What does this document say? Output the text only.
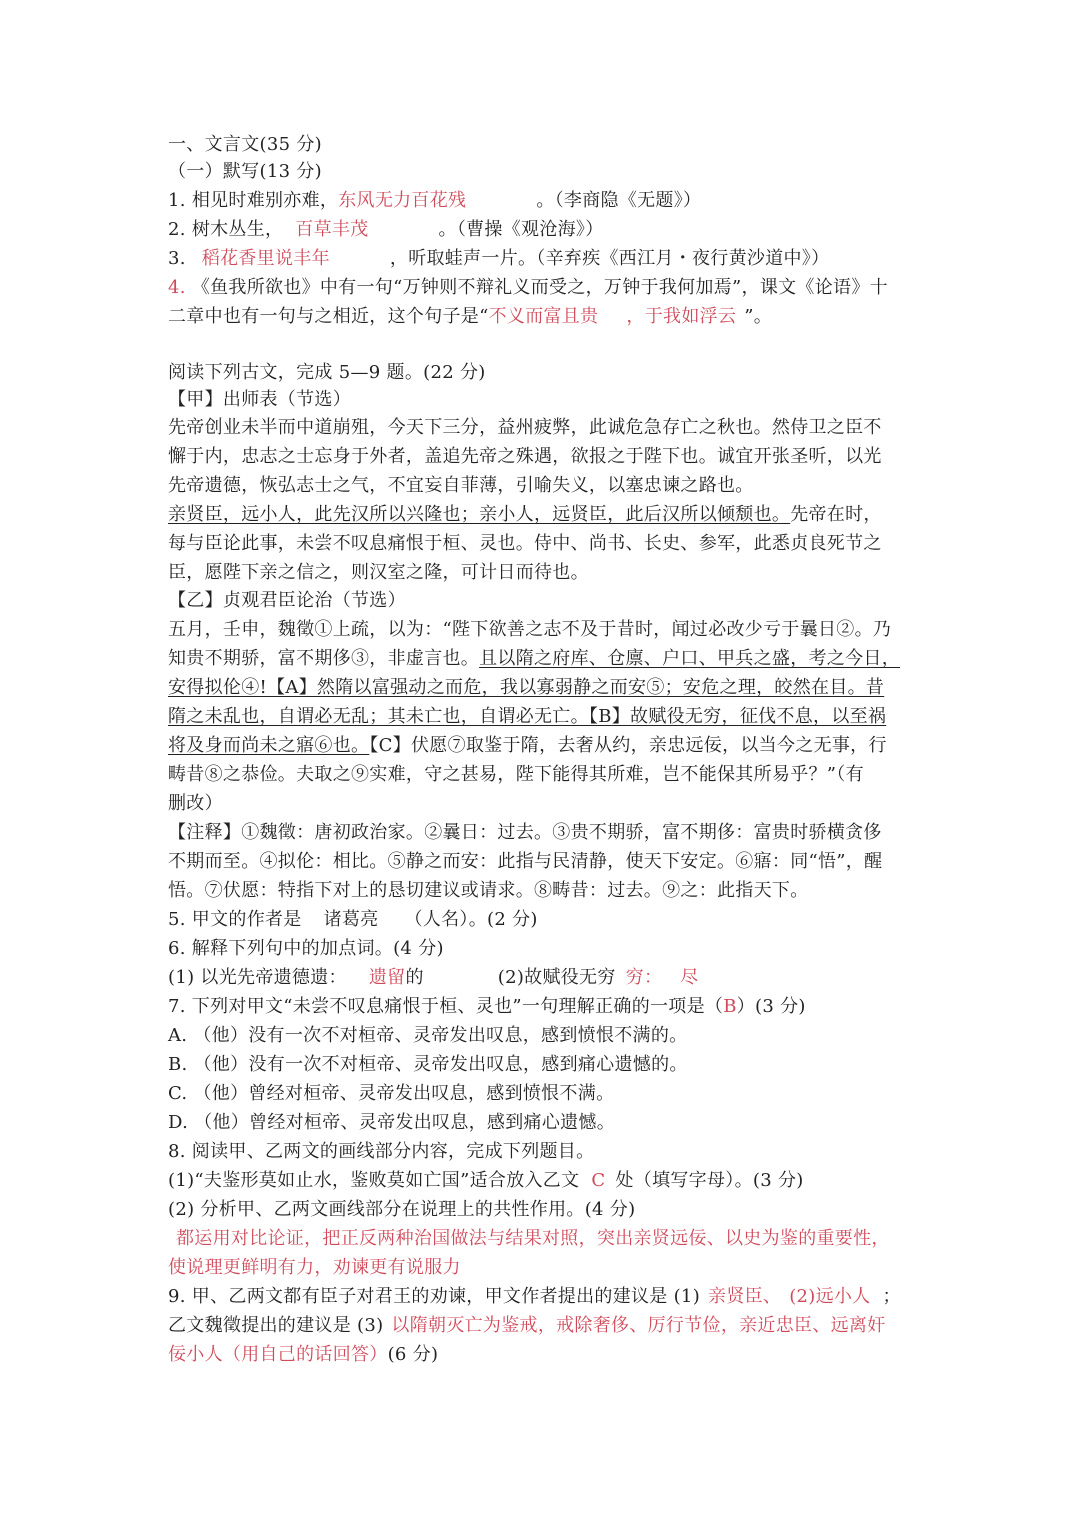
一、文言文(35 分)
（一）默写(13 分)
1. 相见时难别亦难，东风无力百花残	。（李商隐《无题》）
2. 树木丛生， 百草丰茂	。（曹操《观沧海》）
3. 稻花香里说丰年	，听取蛙声一片。（辛弃疾《西江月・夜行黄沙道中》）
4. 《鱼我所欲也》中有一句“万钟则不辩礼义而受之，万钟于我何加焉”，课文《论语》十
二章中也有一句与之相近，这个句子是“不义而富且贵 ，于我如浮云 ”。
阅读下列古文，完成 5—9 题。(22 分)
【甲】出师表（节选）
先帝创业未半而中道崩殂，今天下三分，益州疲弊，此诚危急存亡之秋也。然侍卫之臣不
懈于内，忠志之士忘身于外者，盖追先帝之殊遇，欲报之于陛下也。诚宜开张圣听，以光
先帝遗德，恢弘志士之气，不宜妄自菲薄，引喻失义，以塞忠谏之路也。
亲贤臣，远小人，此先汉所以兴隆也；亲小人，远贤臣，此后汉所以倾颓也。先帝在时，
每与臣论此事，未尝不叹息痛恨于桓、灵也。侍中、尚书、长史、参军，此悉贞良死节之
臣，愿陛下亲之信之，则汉室之隆，可计日而待也。
【乙】贞观君臣论治（节选）
五月，壬申，魏徵①上疏，以为：“陛下欲善之志不及于昔时，闻过必改少亏于曩日②。乃
知贵不期骄，富不期侈③，非虚言也。且以隋之府库、仓廪、户口、甲兵之盛，考之今日，
安得拟伦④!【A】然隋以富强动之而危，我以寡弱静之而安⑤；安危之理，皎然在目。昔
隋之未乱也，自谓必无乱；其未亡也，自谓必无亡。【B】故赋役无穷，征伐不息，以至祸
将及身而尚未之寤⑥也。【C】伏愿⑦取鉴于隋，去奢从约，亲忠远佞，以当今之无事，行
畴昔⑧之恭俭。夫取之⑨实难，守之甚易，陛下能得其所难，岂不能保其所易乎？”（有
删改）
【注释】①魏徵：唐初政治家。②曩日：过去。③贵不期骄，富不期侈：富贵时骄横贪侈
不期而至。④拟伦：相比。⑤静之而安：此指与民清静，使天下安定。⑥寤：同“悟”，醒
悟。⑦伏愿：特指下对上的恳切建议或请求。⑧畴昔：过去。⑨之：此指天下。
5. 甲文的作者是 诸葛亮 （人名）。(2 分)
6. 解释下列句中的加点词。(4 分)
(1) 以光先帝遗德遗： 遗留的	(2)故赋役无穷 穷： 尽
7. 下列对甲文“未尝不叹息痛恨于桓、灵也”一句理解正确的一项是（B）(3 分)
A. （他）没有一次不对桓帝、灵帝发出叹息，感到愤恨不满的。
B. （他）没有一次不对桓帝、灵帝发出叹息，感到痛心遗憾的。
C. （他）曾经对桓帝、灵帝发出叹息，感到愤恨不满。
D. （他）曾经对桓帝、灵帝发出叹息，感到痛心遗憾。
8. 阅读甲、乙两文的画线部分内容，完成下列题目。
(1)“夫鉴形莫如止水，鉴败莫如亡国”适合放入乙文 C 处（填写字母）。(3 分)
(2) 分析甲、乙两文画线部分在说理上的共性作用。(4 分)
都运用对比论证，把正反两种治国做法与结果对照，突出亲贤远佞、以史为鉴的重要性，
使说理更鲜明有力，劝谏更有说服力
9. 甲、乙两文都有臣子对君王的劝谏，甲文作者提出的建议是 (1) 亲贤臣、 (2)远小人 ；
乙文魏徵提出的建议是 (3) 以隋朝灭亡为鉴戒，戒除奢侈、厉行节俭，亲近忠臣、远离奸
佞小人（用自己的话回答）(6 分)
